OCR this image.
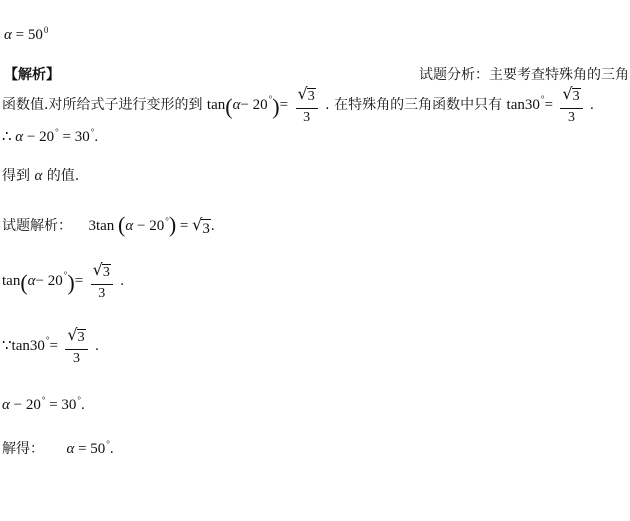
$\alpha = 50^0$
【解析】	试题分析：主要考查特殊角的三角
函数值.对所给式子进行变形的到 tan ( α − 20 ° ) =
$\frac{√ 3}{3}$ . 在特殊角的三角函数中只有 tan30 ° =
$\frac{√ 3}{3}$ .
∴ α − 20° = 30°.
得到 α 的值.
试题解析： 3tan (α − 20°) = √ 3 .
tan ( α − 20 ° ) =
$\frac{√ 3}{3}$ .
∵ tan30 ° =
$\frac{√ 3}{3}$ .
α − 20° = 30°.
解得： α = 50°.
